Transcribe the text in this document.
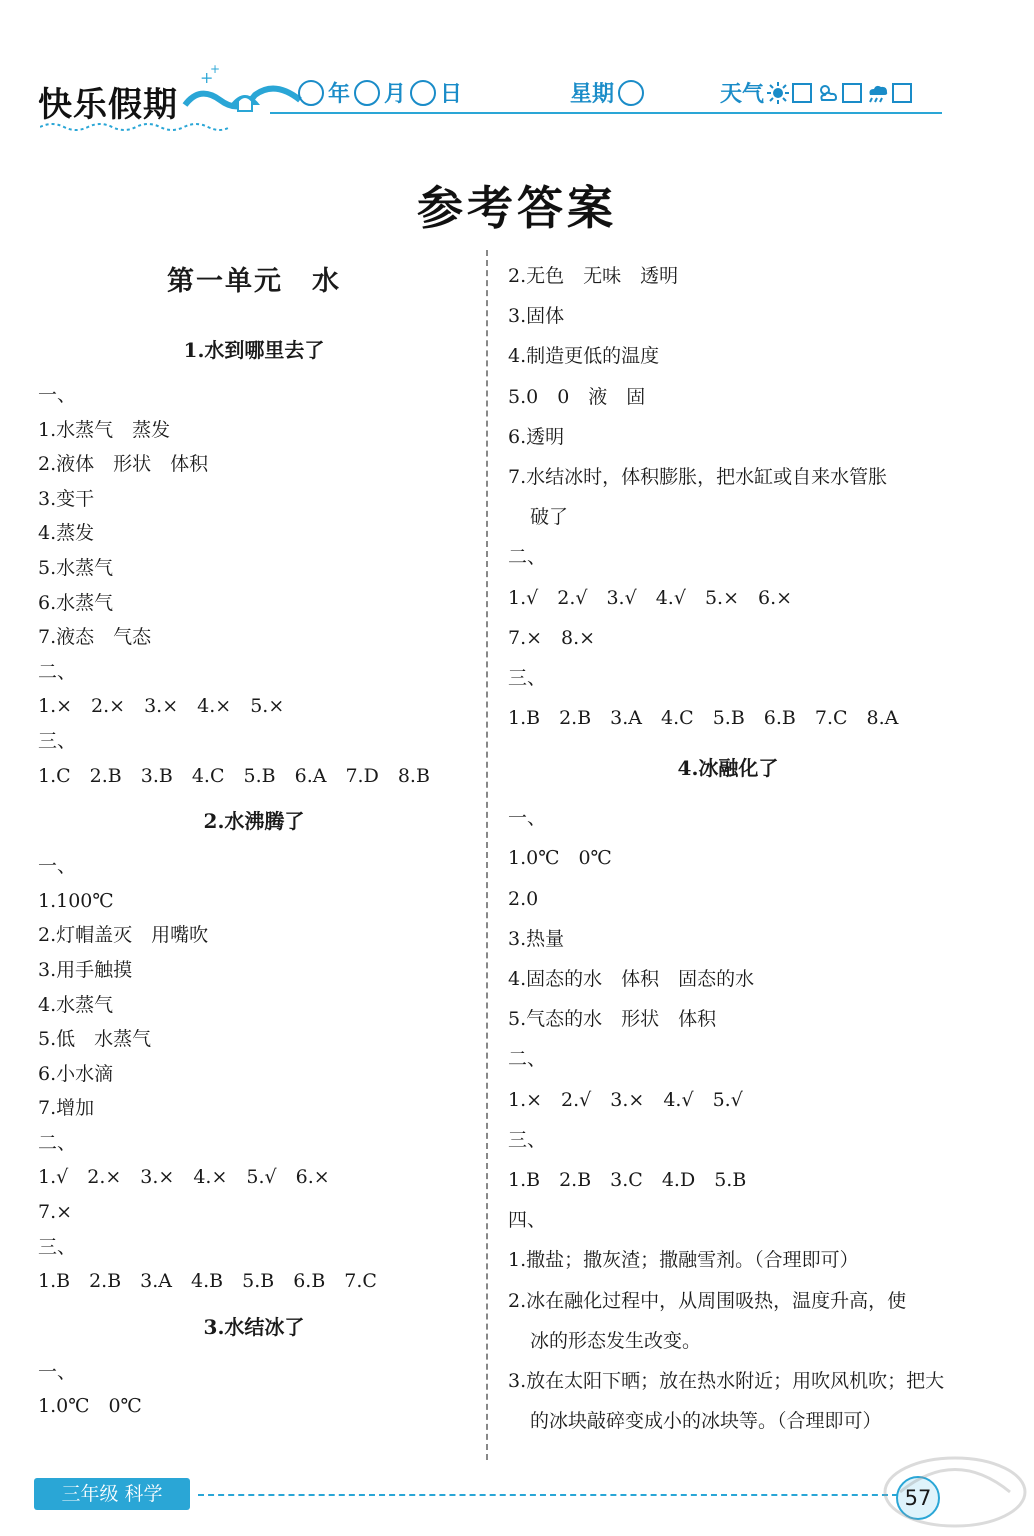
快乐假期
+
+
年 月 日	星期	天气
参考答案
第一单元　水
1.水到哪里去了
一、
1.水蒸气　蒸发
2.液体　形状　体积
3.变干
4.蒸发
5.水蒸气
6.水蒸气
7.液态　气态
二、
1.×　2.×　3.×　4.×　5.×
三、
1.C　2.B　3.B　4.C　5.B　6.A　7.D　8.B
2.水沸腾了
一、
1.100℃
2.灯帽盖灭　用嘴吹
3.用手触摸
4.水蒸气
5.低　水蒸气
6.小水滴
7.增加
二、
1.√　2.×　3.×　4.×　5.√　6.×
7.×
三、
1.B　2.B　3.A　4.B　5.B　6.B　7.C
3.水结冰了
一、
1.0℃　0℃
2.无色　无味　透明
3.固体
4.制造更低的温度
5.0　0　液　固
6.透明
7.水结冰时，体积膨胀，把水缸或自来水管胀
破了
二、
1.√　2.√　3.√　4.√　5.×　6.×
7.×　8.×
三、
1.B　2.B　3.A　4.C　5.B　6.B　7.C　8.A
4.冰融化了
一、
1.0℃　0℃
2.0
3.热量
4.固态的水　体积　固态的水
5.气态的水　形状　体积
二、
1.×　2.√　3.×　4.√　5.√
三、
1.B　2.B　3.C　4.D　5.B
四、
1.撒盐；撒灰渣；撒融雪剂。（合理即可）
2.冰在融化过程中，从周围吸热，温度升高，使
冰的形态发生改变。
3.放在太阳下晒；放在热水附近；用吹风机吹；把大
的冰块敲碎变成小的冰块等。（合理即可）
三年级 科学	57
